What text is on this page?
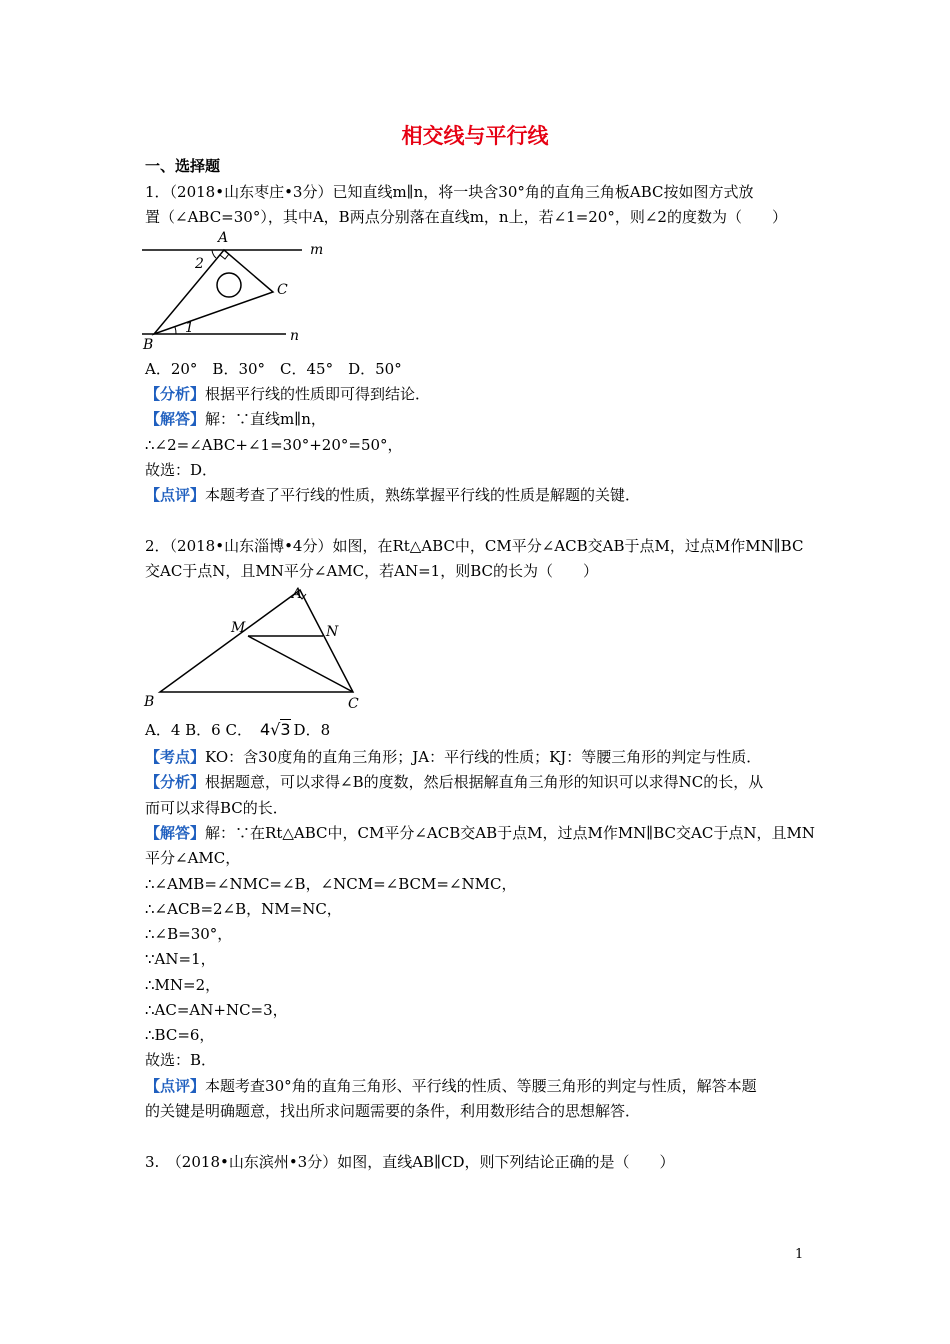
相交线与平行线
一、选择题
1．（2018•山东枣庄•3分）已知直线m∥n，将一块含30°角的直角三角板ABC按如图方式放
置（∠ABC=30°），其中A，B两点分别落在直线m，n上，若∠1=20°，则∠2的度数为（　　）
A
m
2
C
1	n
B
A．20°　B．30°　C．45°　D．50°
【分析】根据平行线的性质即可得到结论．
【解答】解：∵直线m∥n，
∴∠2=∠ABC+∠1=30°+20°=50°，
故选：D．
【点评】本题考查了平行线的性质，熟练掌握平行线的性质是解题的关键．
2．（2018•山东淄博•4分）如图，在Rt△ABC中，CM平分∠ACB交AB于点M，过点M作MN∥BC
交AC于点N，且MN平分∠AMC，若AN=1，则BC的长为（　　）
A
M	N
B	C
A．4 B．6 C． 4√3 D．8
【考点】KO：含30度角的直角三角形；JA：平行线的性质；KJ：等腰三角形的判定与性质．
【分析】根据题意，可以求得∠B的度数，然后根据解直角三角形的知识可以求得NC的长，从
而可以求得BC的长．
【解答】解：∵在Rt△ABC中，CM平分∠ACB交AB于点M，过点M作MN∥BC交AC于点N，且MN
平分∠AMC，
∴∠AMB=∠NMC=∠B，∠NCM=∠BCM=∠NMC，
∴∠ACB=2∠B，NM=NC，
∴∠B=30°，
∵AN=1，
∴MN=2，
∴AC=AN+NC=3，
∴BC=6，
故选：B．
【点评】本题考查30°角的直角三角形、平行线的性质、等腰三角形的判定与性质，解答本题
的关键是明确题意，找出所求问题需要的条件，利用数形结合的思想解答．
3.　（2018•山东滨州•3分）如图，直线AB∥CD，则下列结论正确的是（　　）
1
